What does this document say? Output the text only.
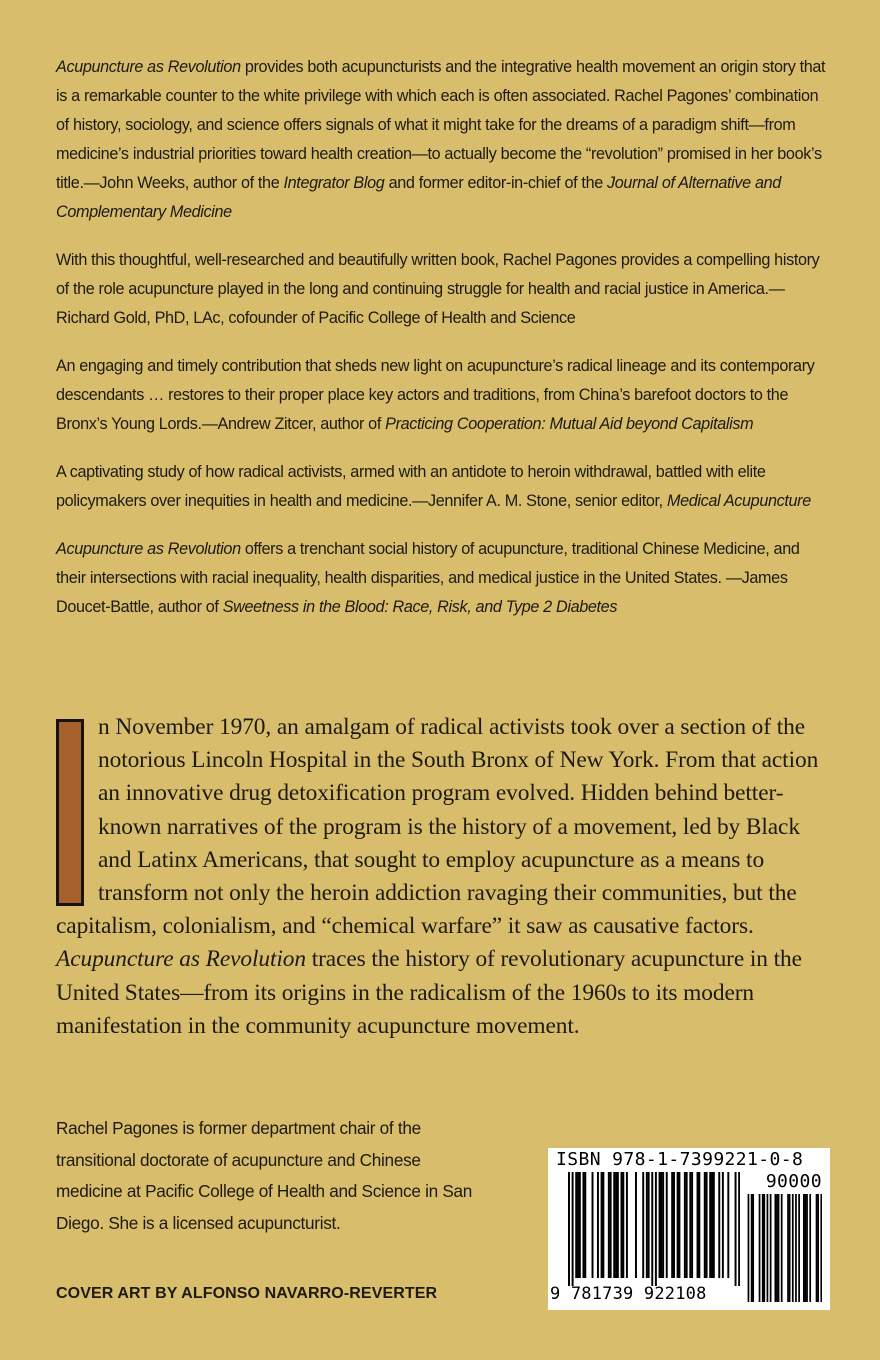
Acupuncture as Revolution provides both acupuncturists and the integrative health movement an origin story that is a remarkable counter to the white privilege with which each is often associated. Rachel Pagones’ combination of history, sociology, and science offers signals of what it might take for the dreams of a paradigm shift—from medicine’s industrial priorities toward health creation—to actually become the “revolution” promised in her book’s title.—John Weeks, author of the Integrator Blog and former editor-in-chief of the Journal of Alternative and Complementary Medicine

With this thoughtful, well-researched and beautifully written book, Rachel Pagones provides a compelling history of the role acupuncture played in the long and continuing struggle for health and racial justice in America.—Richard Gold, PhD, LAc, cofounder of Pacific College of Health and Science

An engaging and timely contribution that sheds new light on acupuncture’s radical lineage and its contemporary descendants … restores to their proper place key actors and traditions, from China’s barefoot doctors to the Bronx’s Young Lords.—Andrew Zitcer, author of Practicing Cooperation: Mutual Aid beyond Capitalism

A captivating study of how radical activists, armed with an antidote to heroin withdrawal, battled with elite policymakers over inequities in health and medicine.—Jennifer A. M. Stone, senior editor, Medical Acupuncture

Acupuncture as Revolution offers a trenchant social history of acupuncture, traditional Chinese Medicine, and their intersections with racial inequality, health disparities, and medical justice in the United States. —James Doucet-Battle, author of Sweetness in the Blood: Race, Risk, and Type 2 Diabetes

n November 1970, an amalgam of radical activists took over a section of the notorious Lincoln Hospital in the South Bronx of New York. From that action an innovative drug detoxification program evolved. Hidden behind better-known narratives of the program is the history of a movement, led by Black and Latinx Americans, that sought to employ acupuncture as a means to transform not only the heroin addiction ravaging their communities, but the capitalism, colonialism, and “chemical warfare” it saw as causative factors. Acupuncture as Revolution traces the history of revolutionary acupuncture in the United States—from its origins in the radicalism of the 1960s to its modern manifestation in the community acupuncture movement.

Rachel Pagones is former department chair of the transitional doctorate of acupuncture and Chinese medicine at Pacific College of Health and Science in San Diego. She is a licensed acupuncturist.

COVER ART BY ALFONSO NAVARRO-REVERTER
ISBN 978-1-7399221-0-8
90000
9 781739 922108
